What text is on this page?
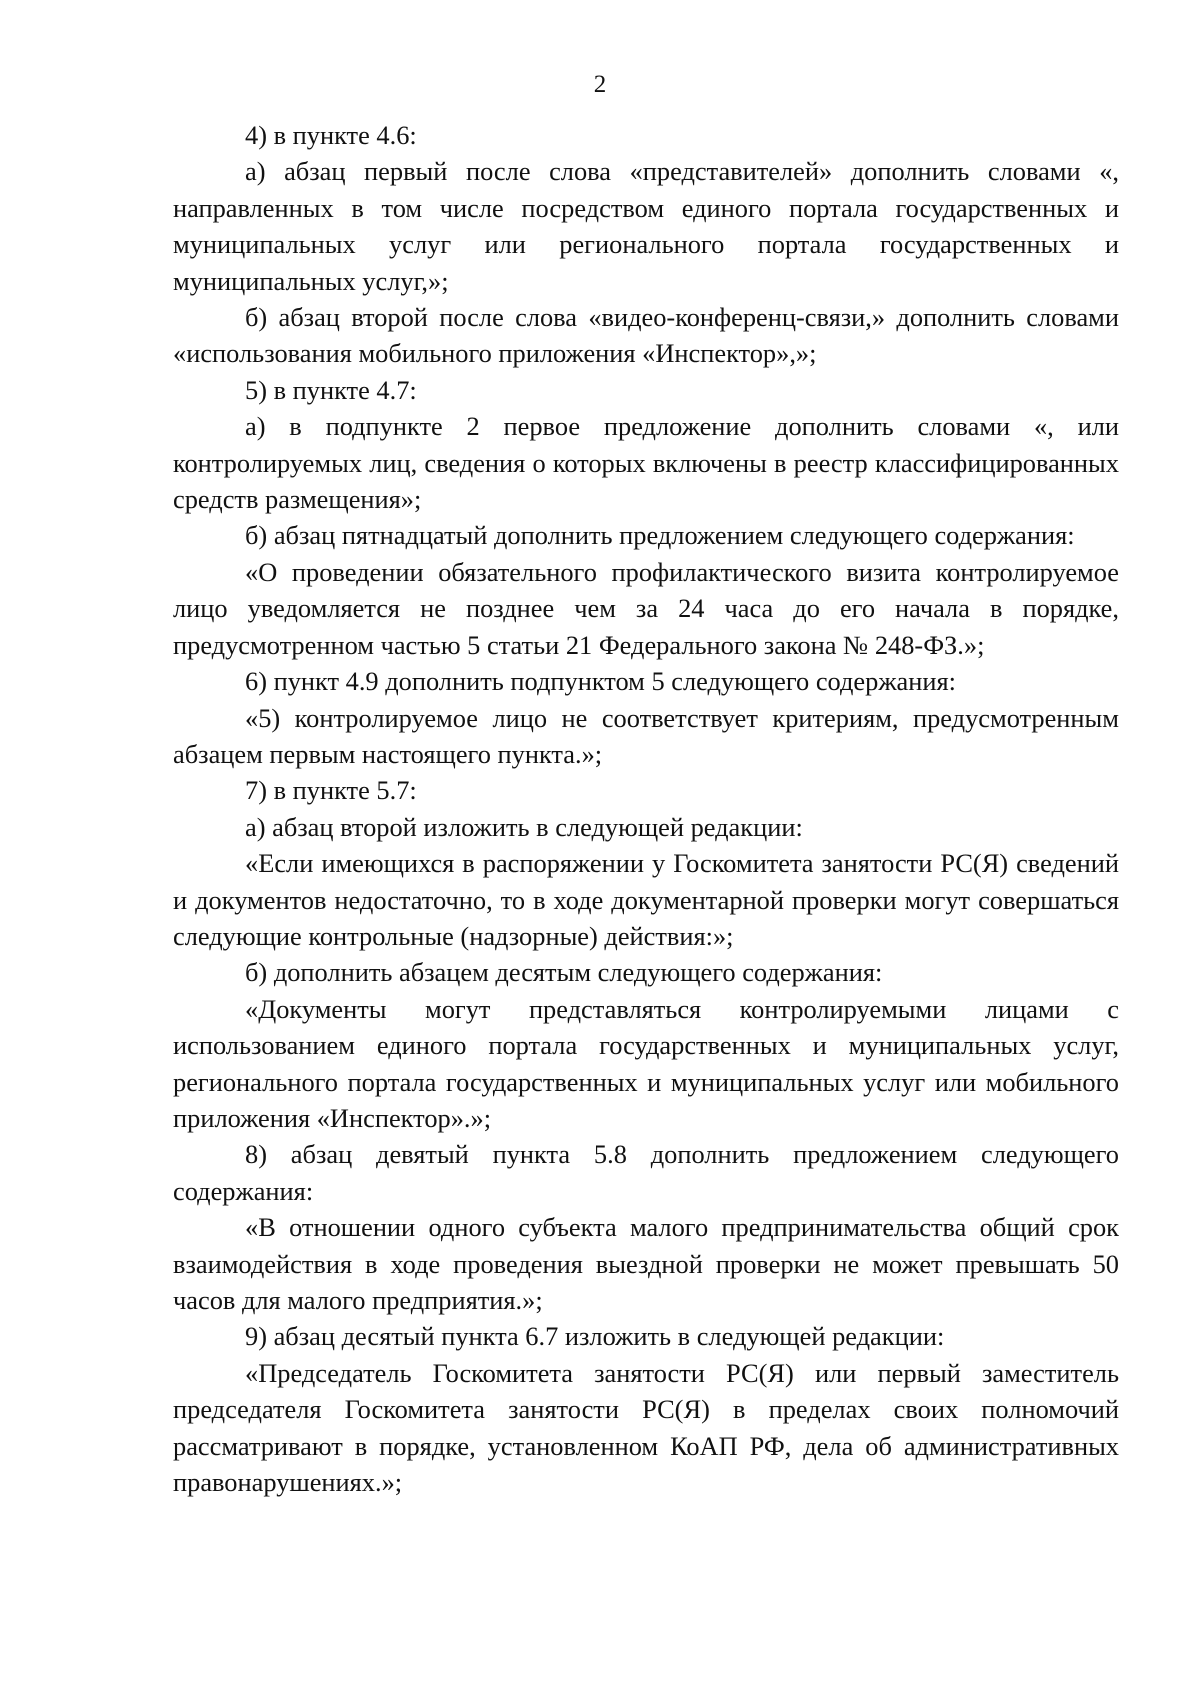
2

4) в пункте 4.6:

а) абзац первый после слова «представителей» дополнить словами «, направленных в том числе посредством единого портала государственных и муниципальных услуг или регионального портала государственных и муниципальных услуг,»;

б) абзац второй после слова «видео-конференц-связи,» дополнить словами «использования мобильного приложения «Инспектор»,»;

5) в пункте 4.7:

а) в подпункте 2 первое предложение дополнить словами «, или контролируемых лиц, сведения о которых включены в реестр классифицированных средств размещения»;

б) абзац пятнадцатый дополнить предложением следующего содержания:

«О проведении обязательного профилактического визита контролируемое лицо уведомляется не позднее чем за 24 часа до его начала в порядке, предусмотренном частью 5 статьи 21 Федерального закона № 248-ФЗ.»;

6) пункт 4.9 дополнить подпунктом 5 следующего содержания:

«5) контролируемое лицо не соответствует критериям, предусмотренным абзацем первым настоящего пункта.»;

7) в пункте 5.7:

а) абзац второй изложить в следующей редакции:

«Если имеющихся в распоряжении у Госкомитета занятости РС(Я) сведений и документов недостаточно, то в ходе документарной проверки могут совершаться следующие контрольные (надзорные) действия:»;

б) дополнить абзацем десятым следующего содержания:

«Документы могут представляться контролируемыми лицами с использованием единого портала государственных и муниципальных услуг, регионального портала государственных и муниципальных услуг или мобильного приложения «Инспектор».»;

8) абзац девятый пункта 5.8 дополнить предложением следующего содержания:

«В отношении одного субъекта малого предпринимательства общий срок взаимодействия в ходе проведения выездной проверки не может превышать 50 часов для малого предприятия.»;

9) абзац десятый пункта 6.7 изложить в следующей редакции:

«Председатель Госкомитета занятости РС(Я) или первый заместитель председателя Госкомитета занятости РС(Я) в пределах своих полномочий рассматривают в порядке, установленном КоАП РФ, дела об административных правонарушениях.»;
